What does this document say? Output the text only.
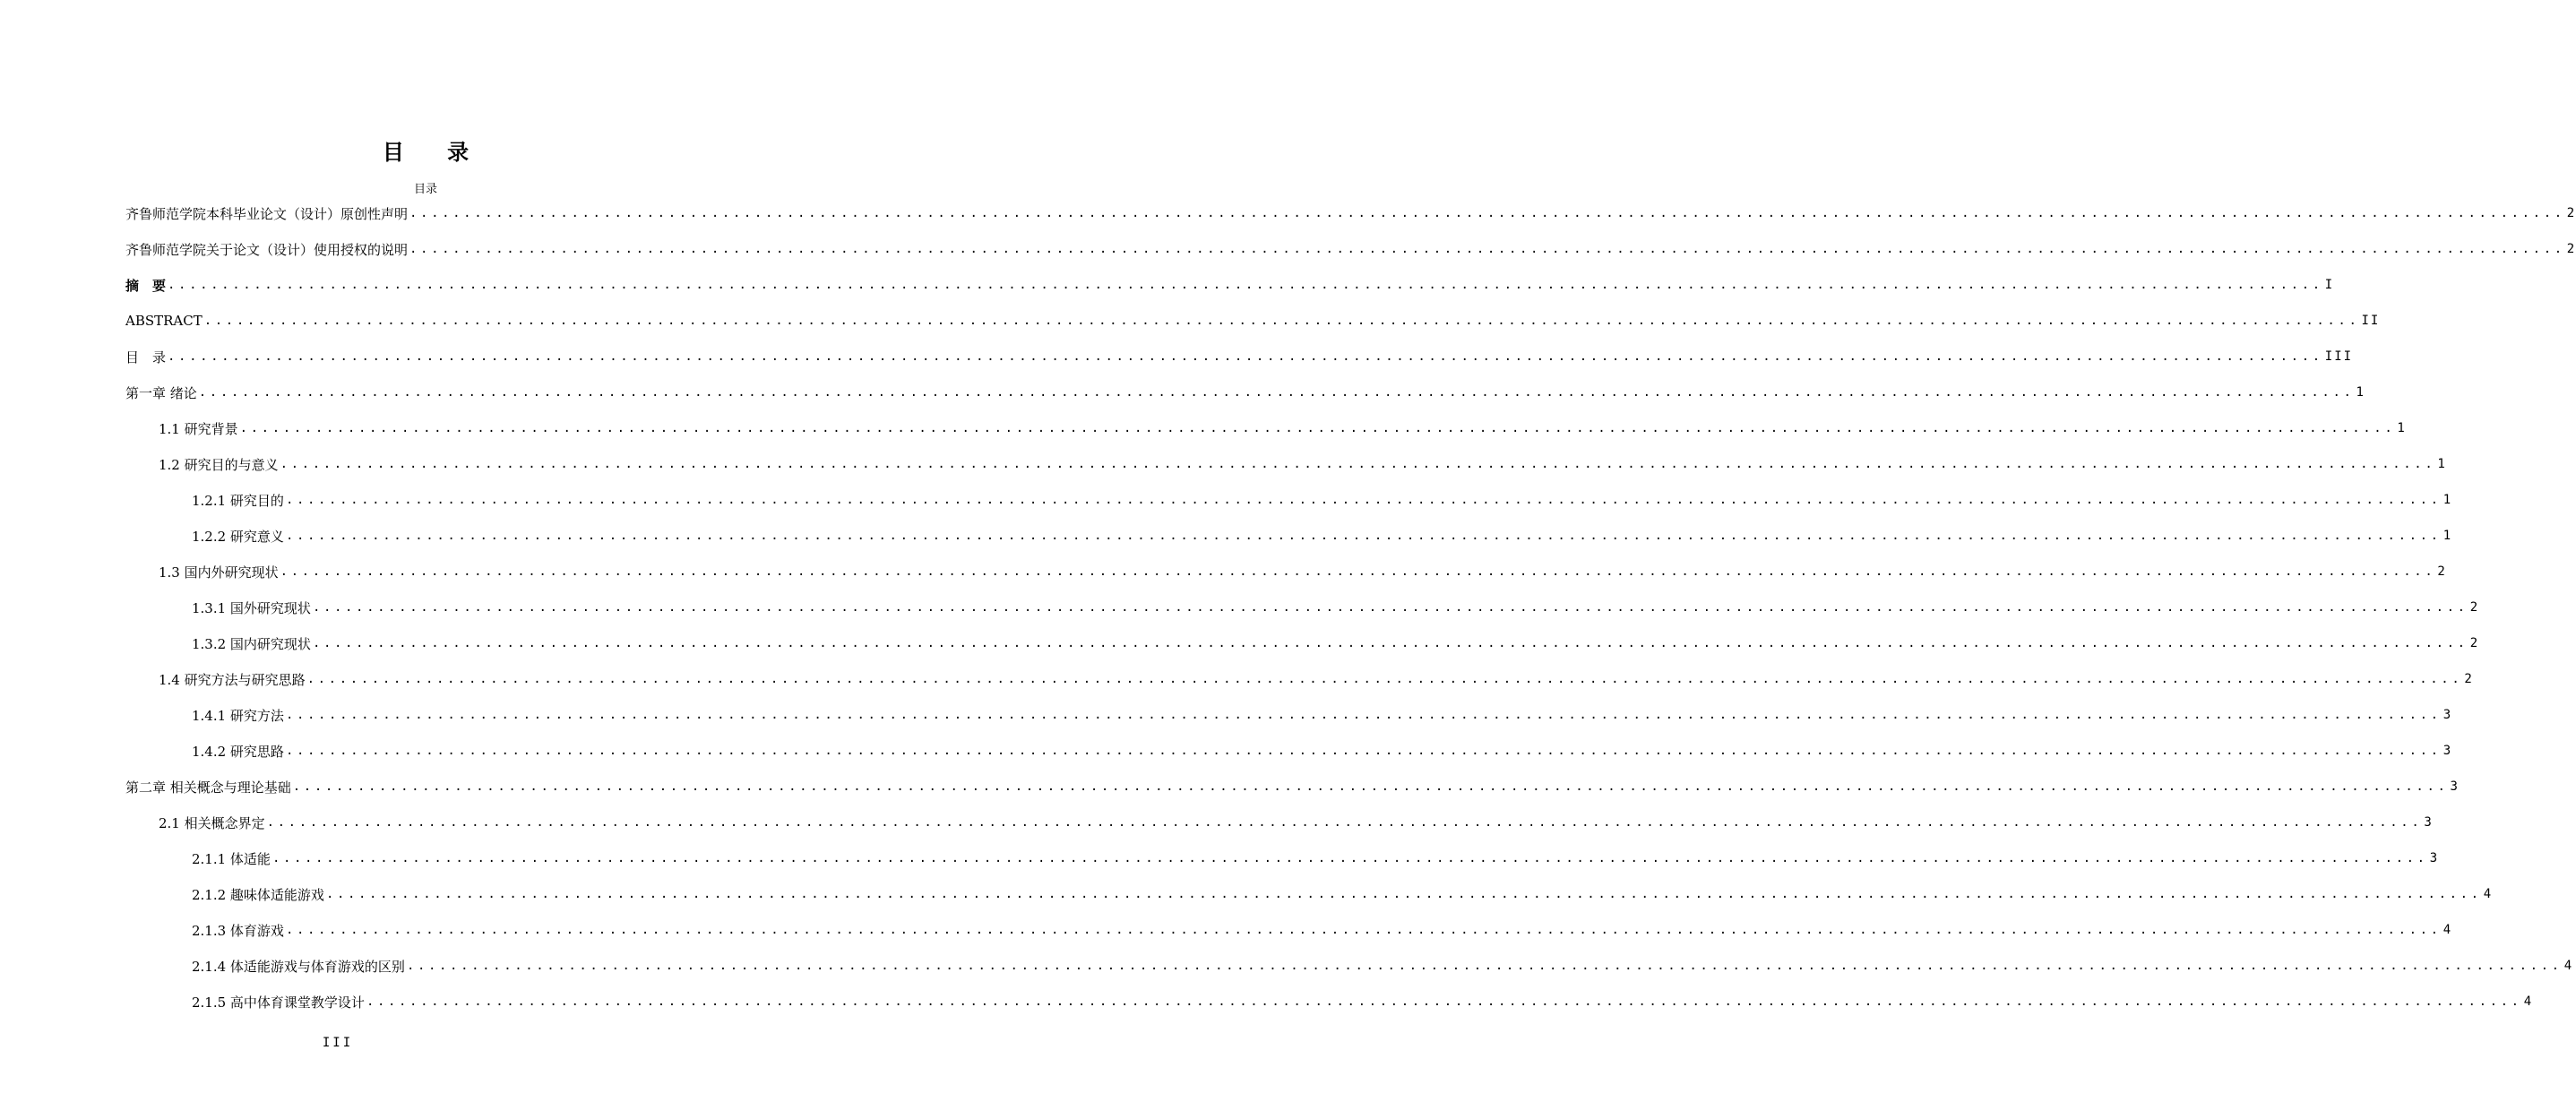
目 录
目录
齐鲁师范学院本科毕业论文（设计）原创性声明 ........................................................................................................................................................................................................ 2
齐鲁师范学院关于论文（设计）使用授权的说明 ........................................................................................................................................................................................................ 2
摘　要 ........................................................................................................................................................................................................ I
ABSTRACT ........................................................................................................................................................................................................ II
目　录 ........................................................................................................................................................................................................ III
第一章 绪论 ........................................................................................................................................................................................................ 1
1.1 研究背景 ........................................................................................................................................................................................................ 1
1.2 研究目的与意义 ........................................................................................................................................................................................................ 1
1.2.1 研究目的 ........................................................................................................................................................................................................ 1
1.2.2 研究意义 ........................................................................................................................................................................................................ 1
1.3 国内外研究现状 ........................................................................................................................................................................................................ 2
1.3.1 国外研究现状 ........................................................................................................................................................................................................ 2
1.3.2 国内研究现状 ........................................................................................................................................................................................................ 2
1.4 研究方法与研究思路 ........................................................................................................................................................................................................ 2
1.4.1 研究方法 ........................................................................................................................................................................................................ 3
1.4.2 研究思路 ........................................................................................................................................................................................................ 3
第二章 相关概念与理论基础 ........................................................................................................................................................................................................ 3
2.1 相关概念界定 ........................................................................................................................................................................................................ 3
2.1.1 体适能 ........................................................................................................................................................................................................ 3
2.1.2 趣味体适能游戏 ........................................................................................................................................................................................................ 4
2.1.3 体育游戏 ........................................................................................................................................................................................................ 4
2.1.4 体适能游戏与体育游戏的区别 ........................................................................................................................................................................................................ 4
2.1.5 高中体育课堂教学设计 ........................................................................................................................................................................................................ 4
III
